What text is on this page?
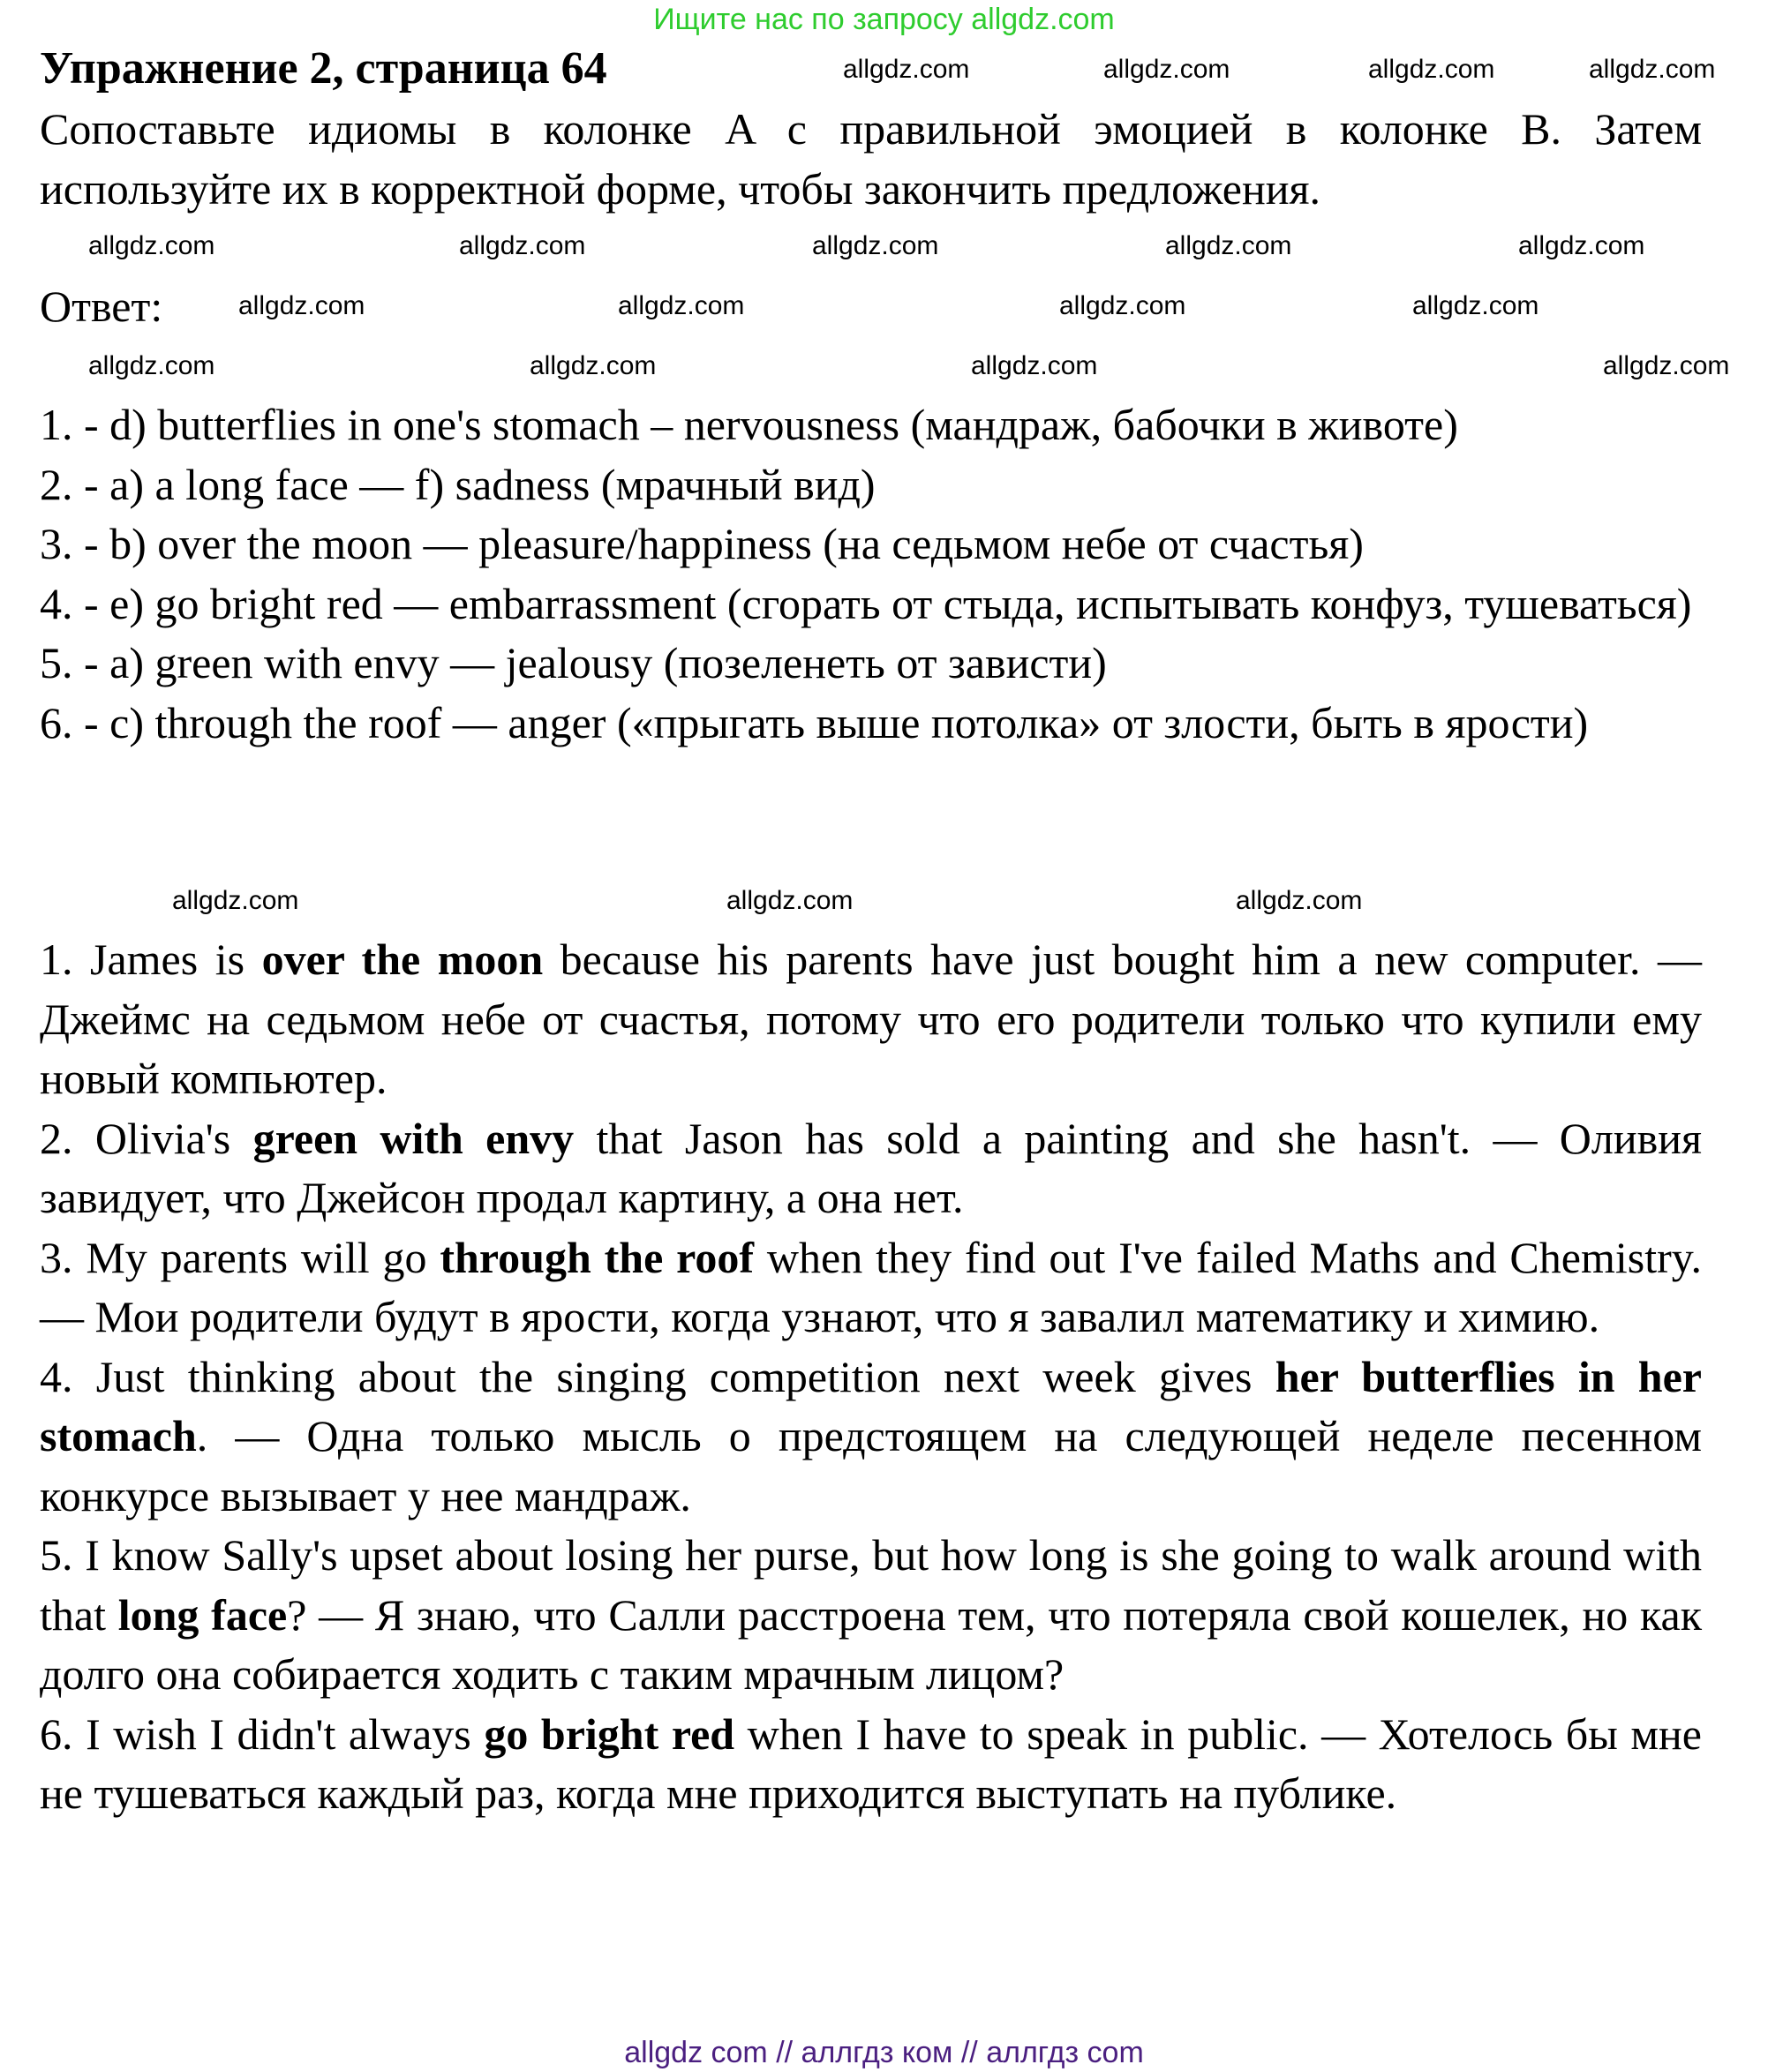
Ищите нас по запросу allgdz.com
Упражнение 2, страница 64

Сопоставьте идиомы в колонке A с правильной эмоцией в колонке B. Затем используйте их в корректной форме, чтобы закончить предложения.

Ответ:

1. - d) butterflies in one's stomach – nervousness (мандраж, бабочки в животе)

2. - a) a long face — f) sadness (мрачный вид)

3. - b) over the moon — pleasure/happiness (на седьмом небе от счастья)

4. - e) go bright red — embarrassment (сгорать от стыда, испытывать конфуз, тушеваться)

5. - a) green with envy — jealousy (позеленеть от зависти)

6. - c) through the roof — anger («прыгать выше потолка» от злости, быть в ярости)

1. James is over the moon because his parents have just bought him a new computer. — Джеймс на седьмом небе от счастья, потому что его родители только что купили ему новый компьютер.

2. Olivia's green with envy that Jason has sold a painting and she hasn't. — Оливия завидует, что Джейсон продал картину, а она нет.

3. My parents will go through the roof when they find out I've failed Maths and Chemistry. — Мои родители будут в ярости, когда узнают, что я завалил математику и химию.

4. Just thinking about the singing competition next week gives her butterflies in her stomach. — Одна только мысль о предстоящем на следующей неделе песенном конкурсе вызывает у нее мандраж.

5. I know Sally's upset about losing her purse, but how long is she going to walk around with that long face? — Я знаю, что Салли расстроена тем, что потеряла свой кошелек, но как долго она собирается ходить с таким мрачным лицом?

6. I wish I didn't always go bright red when I have to speak in public. — Хотелось бы мне не тушеваться каждый раз, когда мне приходится выступать на публике.

allgdz.com	allgdz.com	allgdz.com	allgdz.com
allgdz.com	allgdz.com	allgdz.com	allgdz.com	allgdz.com
allgdz.com	allgdz.com	allgdz.com	allgdz.com
allgdz.com	allgdz.com	allgdz.com	allgdz.com
allgdz.com	allgdz.com	allgdz.com
allgdz com // аллгдз ком // аллгдз com
